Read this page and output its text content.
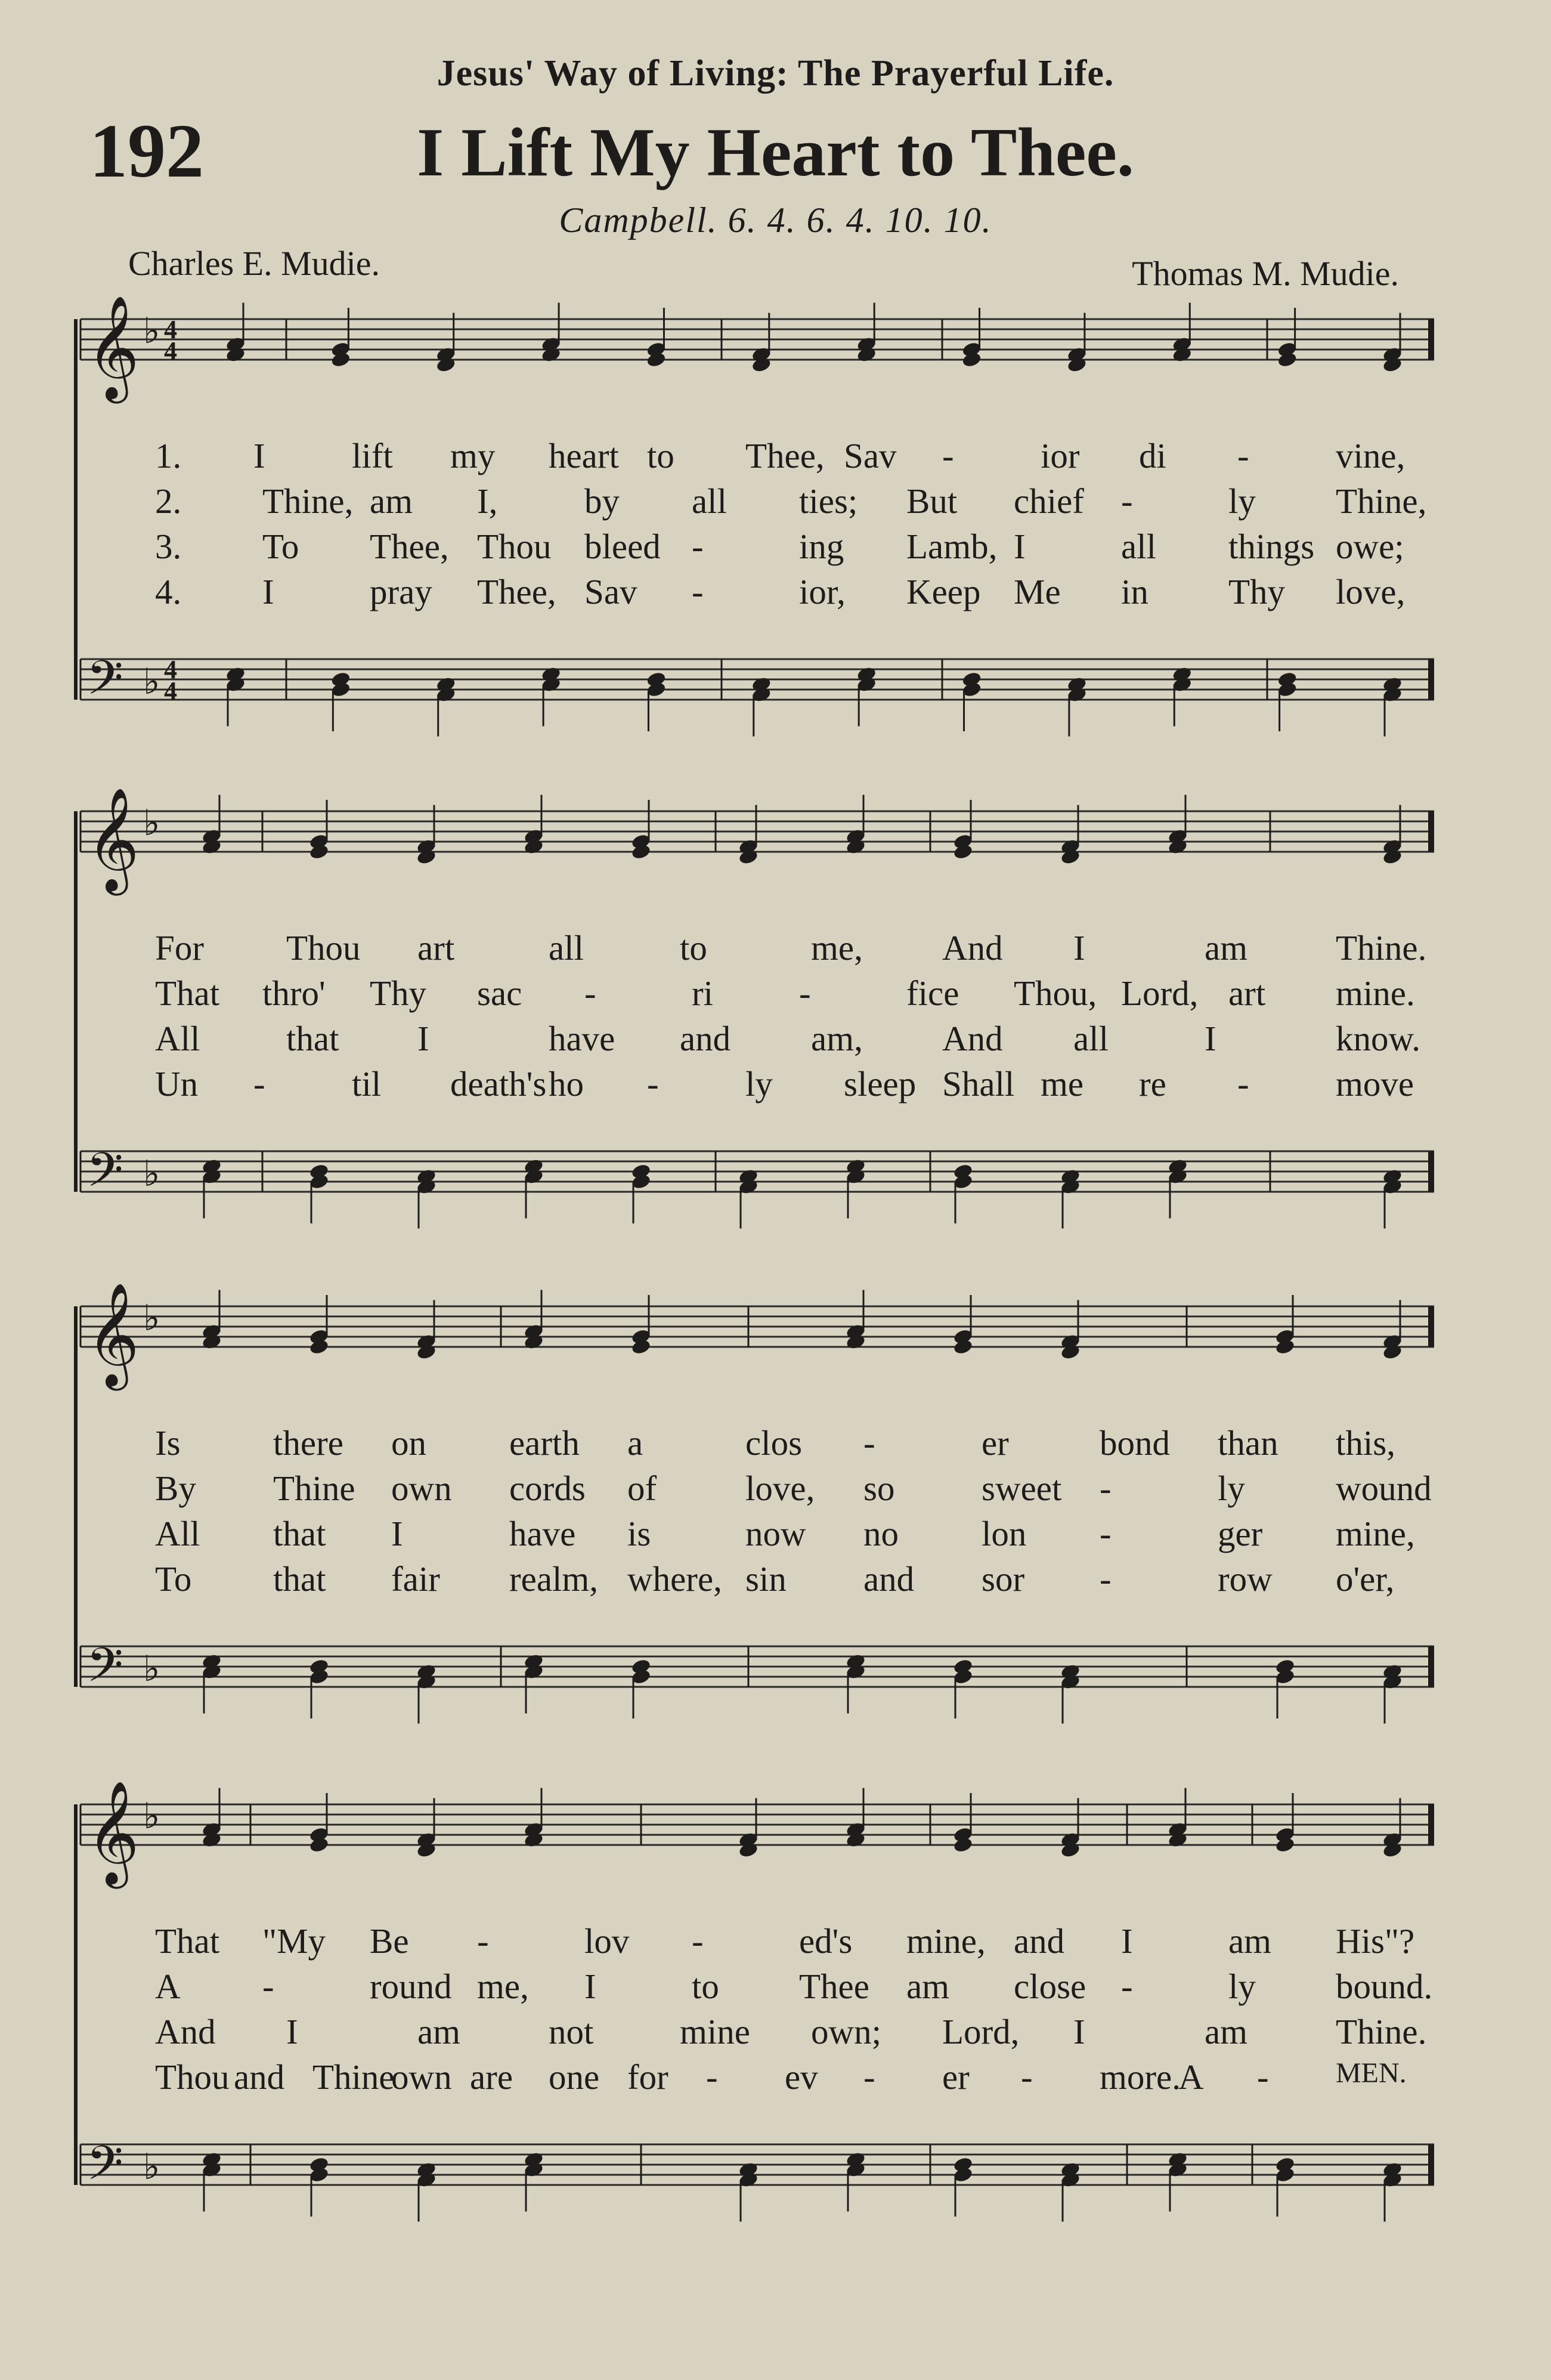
Jesus' Way of Living: The Prayerful Life.
192	I Lift My Heart to Thee.
Campbell. 6. 4. 6. 4. 10. 10.
Charles E. Mudie.	Thomas M. Mudie.
𝄞 ♭
𝄢 ♭
4
4
4
4
𝄞 ♭
𝄢 ♭
𝄞 ♭
𝄢 ♭
𝄞 ♭
𝄢 ♭
1. I lift my heart to Thee, Sav - ior di - vine,
2. Thine, am I, by all ties; But chief -	ly Thine,
3. To Thee, Thou bleed -	ing Lamb, I	all things owe;
4. I	pray Thee, Sav -	ior, Keep Me in Thy love,
For Thou art	all	to	me, And I	am	Thine.
That thro' Thy sac -	ri -	fice Thou, Lord, art mine.
All that I	have and am, And all	I	know.
Un - til death's ho - ly sleep Shall me re - move
Is	there on earth a	clos -	er	bond than this,
By Thine own cords of	love, so sweet -	ly	wound
All that I	have is	now no lon -	ger mine,
To that fair realm, where, sin and sor -	row o'er,
That "My Be -	lov -	ed's mine, and I	am His"?
A -	round me, I	to Thee am close -	ly bound.
And I	am	not mine own; Lord, I	am	Thine.
Thou and Thine
own are one for - ev - er - more.
A - MEN.
